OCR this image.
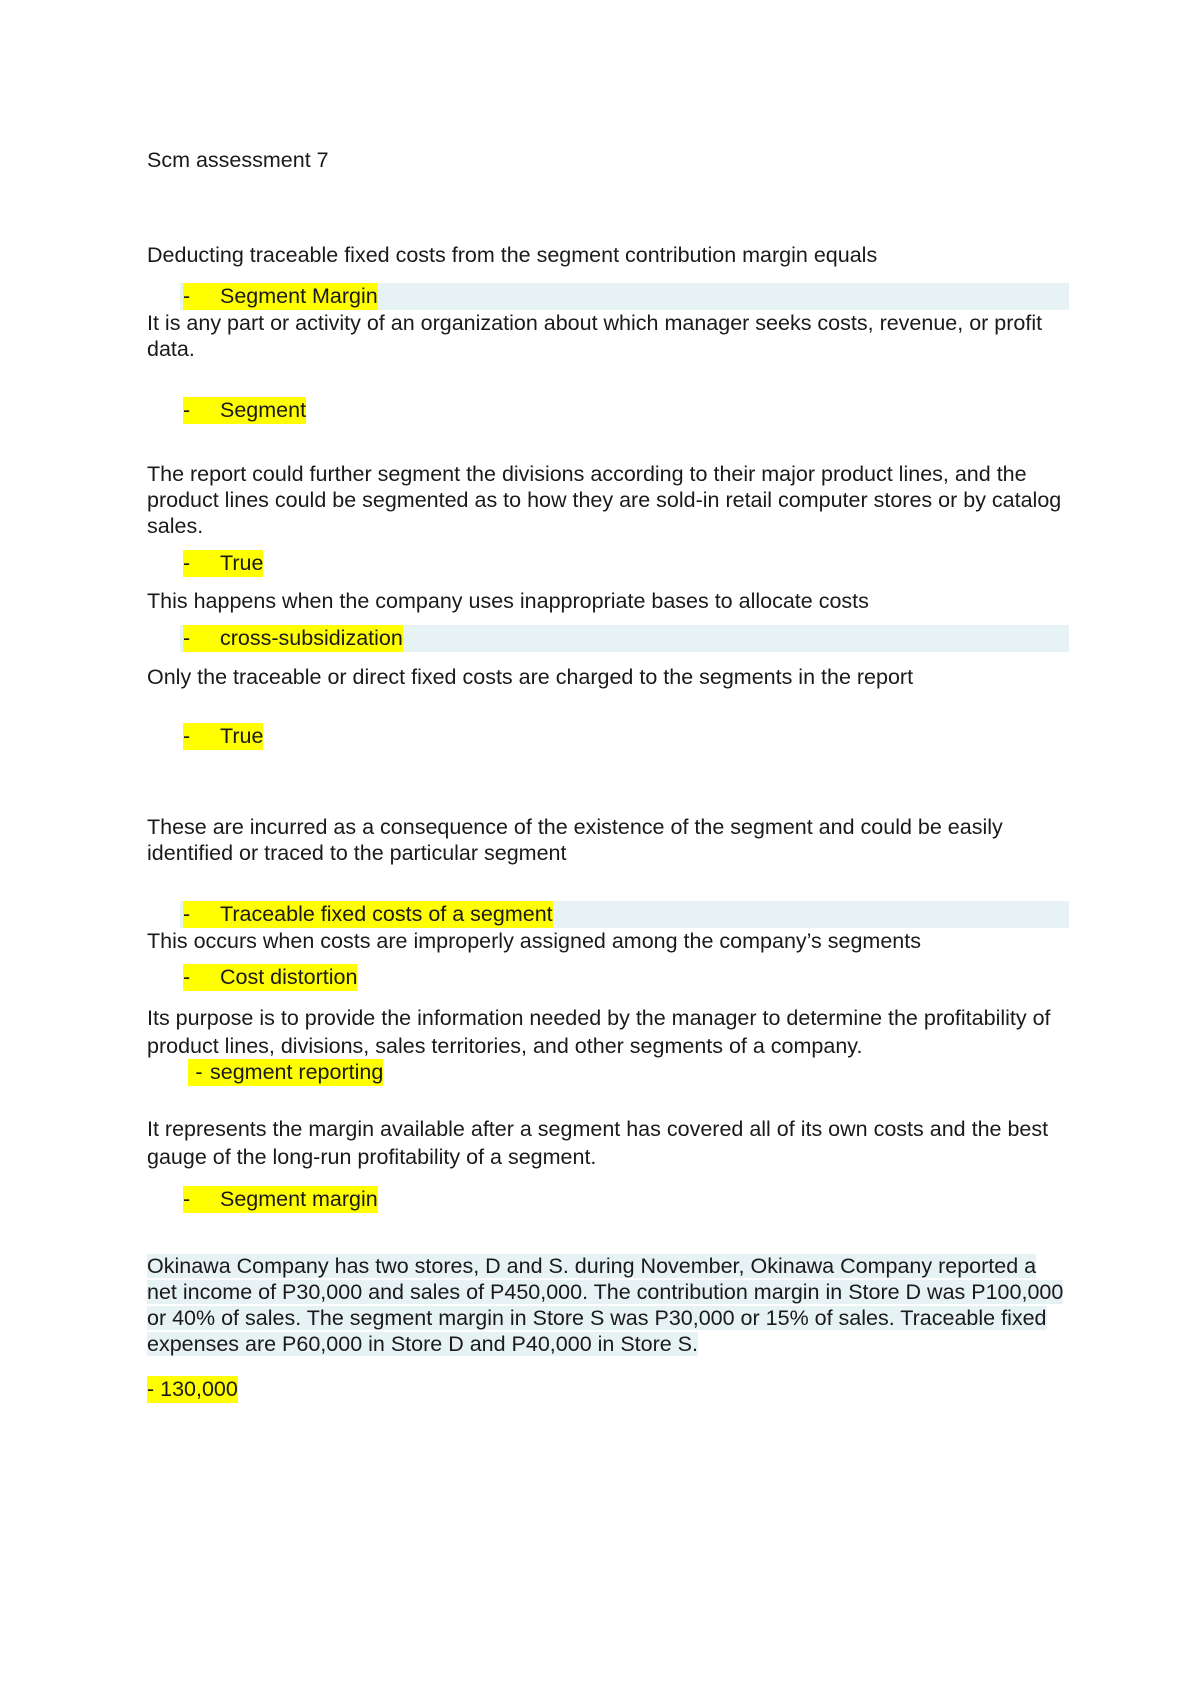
Scm assessment 7

Deducting traceable fixed costs from the segment contribution margin equals

- Segment Margin

It is any part or activity of an organization about which manager seeks costs, revenue, or profit data.

- Segment

The report could further segment the divisions according to their major product lines, and the product lines could be segmented as to how they are sold-in retail computer stores or by catalog sales.

- True

This happens when the company uses inappropriate bases to allocate costs

- cross-subsidization

Only the traceable or direct fixed costs are charged to the segments in the report

- True

These are incurred as a consequence of the existence of the segment and could be easily identified or traced to the particular segment

- Traceable fixed costs of a segment

This occurs when costs are improperly assigned among the company’s segments

- Cost distortion

Its purpose is to provide the information needed by the manager to determine the profitability of product lines, divisions, sales territories, and other segments of a company.

- segment reporting

It represents the margin available after a segment has covered all of its own costs and the best gauge of the long-run profitability of a segment.

- Segment margin
Okinawa Company has two stores, D and S. during November, Okinawa Company reported a net income of P30,000 and sales of P450,000. The contribution margin in Store D was P100,000 or 40% of sales. The segment margin in Store S was P30,000 or 15% of sales. Traceable fixed expenses are P60,000 in Store D and P40,000 in Store S.
- 130,000
